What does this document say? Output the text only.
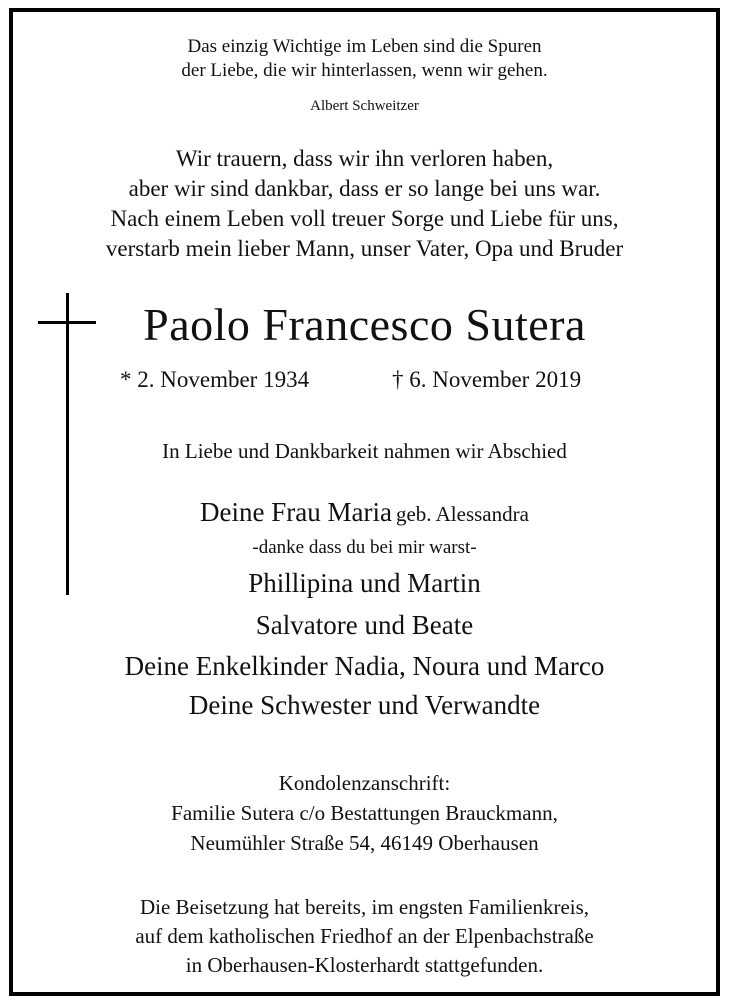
Das einzig Wichtige im Leben sind die Spuren
der Liebe, die wir hinterlassen, wenn wir gehen.
Albert Schweitzer
Wir trauern, dass wir ihn verloren haben,
aber wir sind dankbar, dass er so lange bei uns war.
Nach einem Leben voll treuer Sorge und Liebe für uns,
verstarb mein lieber Mann, unser Vater, Opa und Bruder
Paolo Francesco Sutera
* 2. November 1934	† 6. November 2019
In Liebe und Dankbarkeit nahmen wir Abschied
Deine Frau Maria geb. Alessandra
-danke dass du bei mir warst-
Phillipina und Martin
Salvatore und Beate
Deine Enkelkinder Nadia, Noura und Marco
Deine Schwester und Verwandte
Kondolenzanschrift:
Familie Sutera c/o Bestattungen Brauckmann,
Neumühler Straße 54, 46149 Oberhausen
Die Beisetzung hat bereits, im engsten Familienkreis,
auf dem katholischen Friedhof an der Elpenbachstraße
in Oberhausen-Klosterhardt stattgefunden.
